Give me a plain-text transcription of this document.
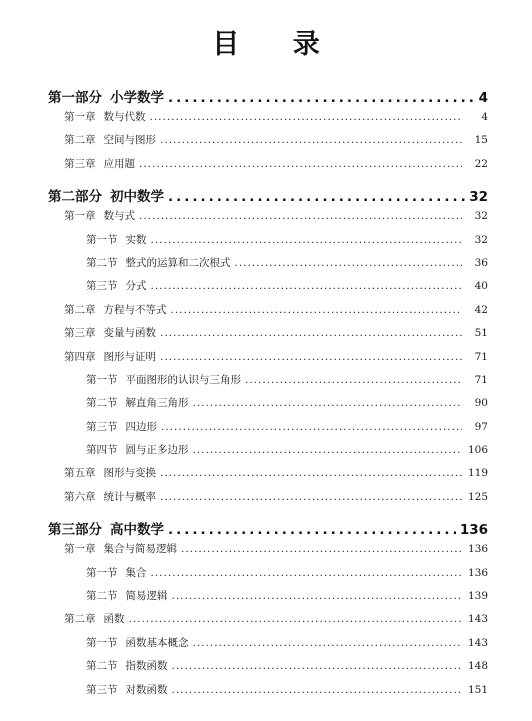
目 录
第一部分 小学数学 .....	4
第一章 数与代数 .....	4
第二章 空间与图形 .....	15
第三章 应用题 .....	22
第二部分 初中数学 .....	32
第一章 数与式 .....	32
第一节 实数 .....	32
第二节 整式的运算和二次根式 .....	36
第三节 分式 .....	40
第二章 方程与不等式 .....	42
第三章 变量与函数 .....	51
第四章 图形与证明 .....	71
第一节 平面图形的认识与三角形 .....	71
第二节 解直角三角形 .....	90
第三节 四边形 .....	97
第四节 圆与正多边形 .....	106
第五章 图形与变换 .....	119
第六章 统计与概率 .....	125
第三部分 高中数学 .....	136
第一章 集合与简易逻辑 .....	136
第一节 集合 .....	136
第二节 简易逻辑 .....	139
第二章 函数 .....	143
第一节 函数基本概念 .....	143
第二节 指数函数 .....	148
第三节 对数函数 .....	151
